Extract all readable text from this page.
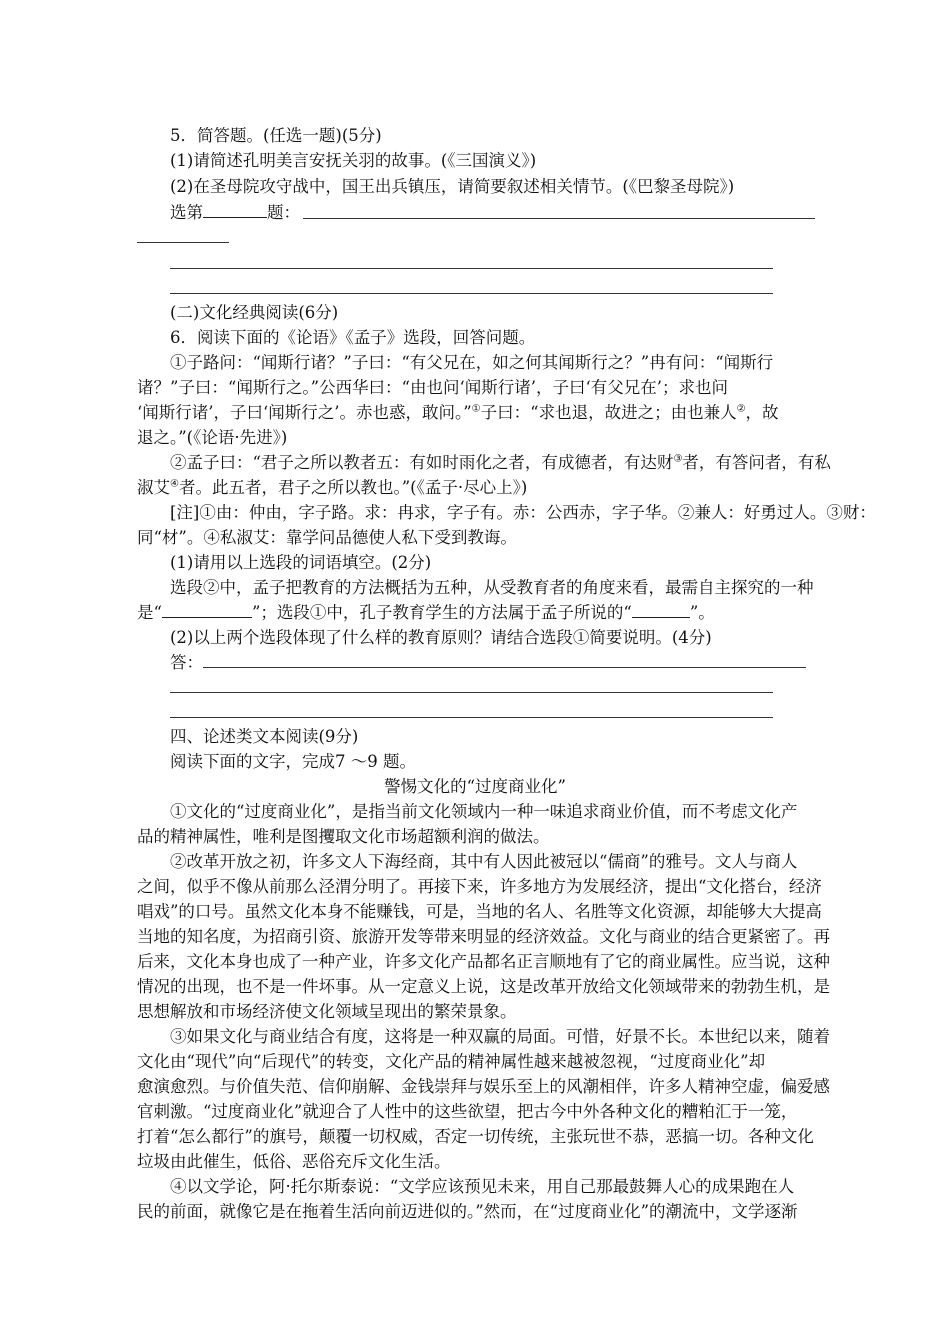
5．简答题。(任选一题)(5分)
(1)请简述孔明美言安抚关羽的故事。(《三国演义》)
(2)在圣母院攻守战中，国王出兵镇压，请简要叙述相关情节。(《巴黎圣母院》)
选第	题：
(二)文化经典阅读(6分)
6．阅读下面的《论语》《孟子》选段，回答问题。
①子路问：“闻斯行诸？”子曰：“有父兄在，如之何其闻斯行之？”冉有问：“闻斯行
诸？”子曰：“闻斯行之。”公西华曰：“由也问‘闻斯行诸’，子曰‘有父兄在’；求也问
‘闻斯行诸’，子曰‘闻斯行之’。赤也惑，敢问。”①子曰：“求也退，故进之；由也兼人②，故
退之。”(《论语·先进》)
②孟子曰：“君子之所以教者五：有如时雨化之者，有成德者，有达财③者，有答问者，有私
淑艾④者。此五者，君子之所以教也。”(《孟子·尽心上》)
[注]①由：仲由，字子路。求：冉求，字子有。赤：公西赤，字子华。②兼人：好勇过人。③财：
同“材”。④私淑艾：靠学问品德使人私下受到教诲。
(1)请用以上选段的词语填空。(2分)
选段②中，孟子把教育的方法概括为五种，从受教育者的角度来看，最需自主探究的一种
是“	”；选段①中，孔子教育学生的方法属于孟子所说的“	”。
(2)以上两个选段体现了什么样的教育原则？请结合选段①简要说明。(4分)
答：
四、论述类文本阅读(9分)
阅读下面的文字，完成7 ～9 题。
警惕文化的“过度商业化”
①文化的“过度商业化”，是指当前文化领域内一种一味追求商业价值，而不考虑文化产
品的精神属性，唯利是图攫取文化市场超额利润的做法。
②改革开放之初，许多文人下海经商，其中有人因此被冠以“儒商”的雅号。文人与商人
之间，似乎不像从前那么泾渭分明了。再接下来，许多地方为发展经济，提出“文化搭台，经济
唱戏”的口号。虽然文化本身不能赚钱，可是，当地的名人、名胜等文化资源，却能够大大提高
当地的知名度，为招商引资、旅游开发等带来明显的经济效益。文化与商业的结合更紧密了。再
后来，文化本身也成了一种产业，许多文化产品都名正言顺地有了它的商业属性。应当说，这种
情况的出现，也不是一件坏事。从一定意义上说，这是改革开放给文化领域带来的勃勃生机，是
思想解放和市场经济使文化领域呈现出的繁荣景象。
③如果文化与商业结合有度，这将是一种双赢的局面。可惜，好景不长。本世纪以来，随着
文化由“现代”向“后现代”的转变，文化产品的精神属性越来越被忽视，“过度商业化”却
愈演愈烈。与价值失范、信仰崩解、金钱崇拜与娱乐至上的风潮相伴，许多人精神空虚，偏爱感
官刺激。“过度商业化”就迎合了人性中的这些欲望，把古今中外各种文化的糟粕汇于一笼，
打着“怎么都行”的旗号，颠覆一切权威，否定一切传统，主张玩世不恭，恶搞一切。各种文化
垃圾由此催生，低俗、恶俗充斥文化生活。
④以文学论，阿·托尔斯泰说：“文学应该预见未来，用自己那最鼓舞人心的成果跑在人
民的前面，就像它是在拖着生活向前迈进似的。”然而，在“过度商业化”的潮流中，文学逐渐
